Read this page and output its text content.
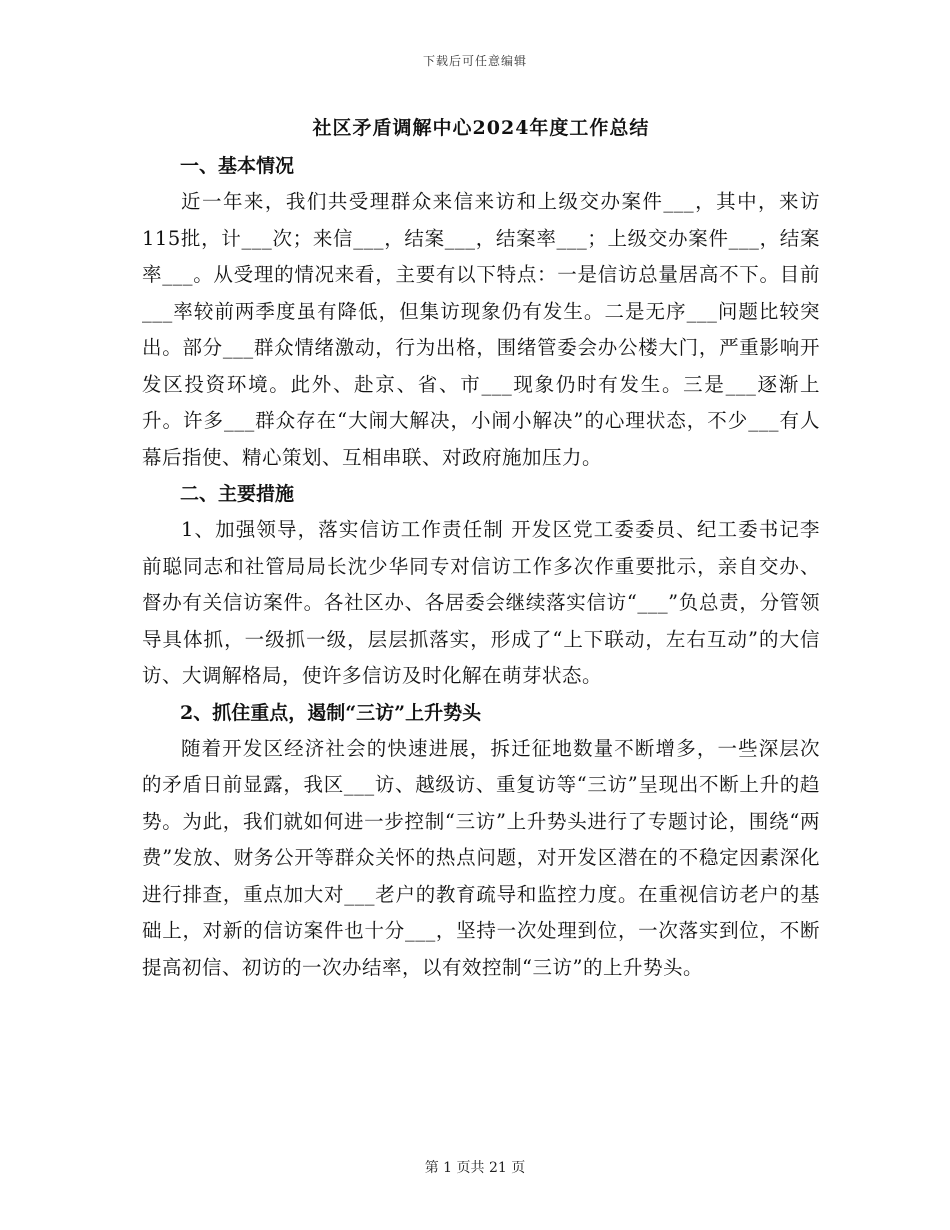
下载后可任意编辑
社区矛盾调解中心2024年度工作总结
一、基本情况

近一年来，我们共受理群众来信来访和上级交办案件___，其中，来访115批，计___次；来信___，结案___，结案率___；上级交办案件___，结案率___。从受理的情况来看，主要有以下特点：一是信访总量居高不下。目前___率较前两季度虽有降低，但集访现象仍有发生。二是无序___问题比较突出。部分___群众情绪激动，行为出格，围绪管委会办公楼大门，严重影响开发区投资环境。此外、赴京、省、市___现象仍时有发生。三是___逐渐上升。许多___群众存在“大闹大解决，小闹小解决”的心理状态，不少___有人幕后指使、精心策划、互相串联、对政府施加压力。

二、主要措施

1、加强领导，落实信访工作责任制 开发区党工委委员、纪工委书记李前聪同志和社管局局长沈少华同专对信访工作多次作重要批示，亲自交办、督办有关信访案件。各社区办、各居委会继续落实信访“___”负总责，分管领导具体抓，一级抓一级，层层抓落实，形成了“上下联动，左右互动”的大信访、大调解格局，使许多信访及时化解在萌芽状态。

2、抓住重点，遏制“三访”上升势头

随着开发区经济社会的快速进展，拆迁征地数量不断增多，一些深层次的矛盾日前显露，我区___访、越级访、重复访等“三访”呈现出不断上升的趋势。为此，我们就如何进一步控制“三访”上升势头进行了专题讨论，围绕“两费”发放、财务公开等群众关怀的热点问题，对开发区潜在的不稳定因素深化进行排查，重点加大对___老户的教育疏导和监控力度。在重视信访老户的基础上，对新的信访案件也十分___，坚持一次处理到位，一次落实到位，不断提高初信、初访的一次办结率，以有效控制“三访”的上升势头。

第 1 页共 21 页
